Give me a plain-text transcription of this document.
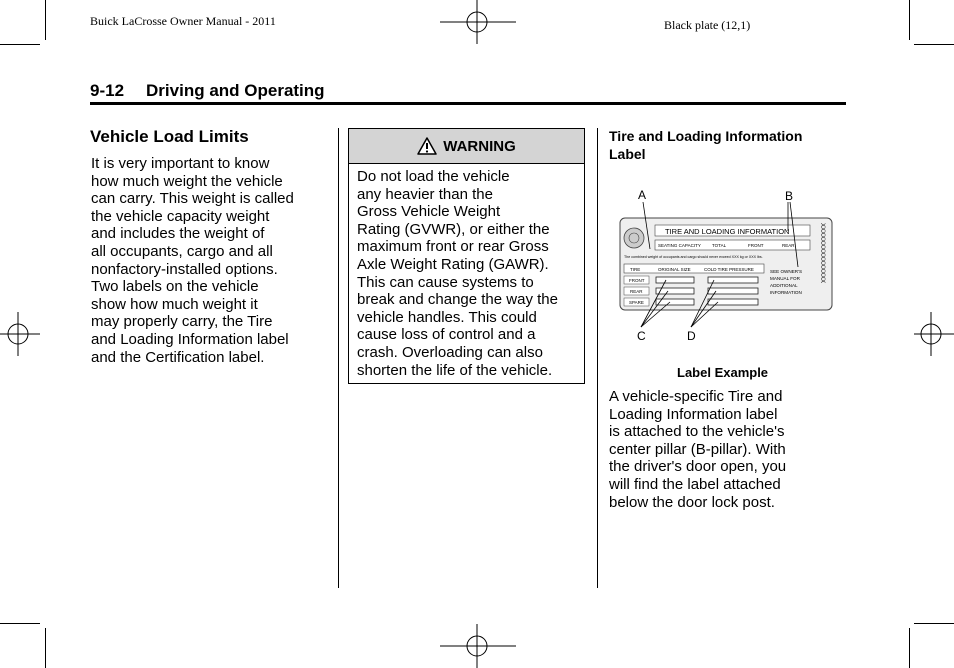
Buick LaCrosse Owner Manual - 2011	Black plate (12,1)
9-12 Driving and Operating
Vehicle Load Limits

It is very important to know
how much weight the vehicle
can carry. This weight is called
the vehicle capacity weight
and includes the weight of
all occupants, cargo and all
nonfactory-installed options.
Two labels on the vehicle
show how much weight it
may properly carry, the Tire
and Loading Information label
and the Certification label.

WARNING

Do not load the vehicle
any heavier than the
Gross Vehicle Weight
Rating (GVWR), or either the
maximum front or rear Gross
Axle Weight Rating (GAWR).
This can cause systems to
break and change the way the
vehicle handles. This could
cause loss of control and a
crash. Overloading can also
shorten the life of the vehicle.

Tire and Loading Information
Label

A	B
C	D
TIRE AND LOADING INFORMATION
SEATING CAPACITY TOTAL	FRONT	REAR
The combined weight of occupants and cargo should never exceed XXX kg or XXX lbs.
TIRE	ORIGINAL SIZE	COLD TIRE PRESSURE
FRONT
REAR
SPARE
SEE OWNER'S MANUAL FOR ADDITIONAL INFORMATION
XXXXXXXXXXXXXXX
Label Example

A vehicle-specific Tire and
Loading Information label
is attached to the vehicle's
center pillar (B-pillar). With
the driver's door open, you
will find the label attached
below the door lock post.
